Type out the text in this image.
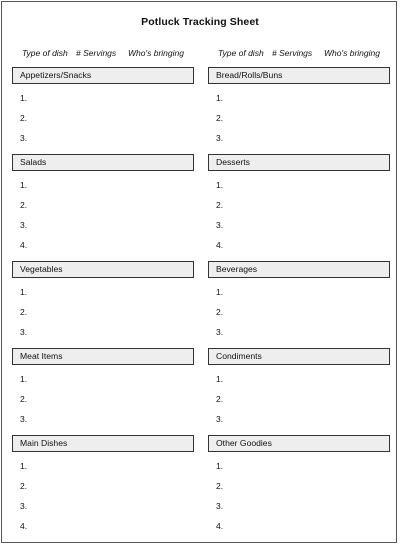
Potluck Tracking Sheet
Type of dish # Servings Who's bringing
Appetizers/Snacks
1.
2.
3.
Salads
1.
2.
3.
4.
Vegetables
1.
2.
3.
Meat Items
1.
2.
3.
Main Dishes
1.
2.
3.
4.
Type of dish # Servings Who's bringing
Bread/Rolls/Buns
1.
2.
3.
Desserts
1.
2.
3.
4.
Beverages
1.
2.
3.
Condiments
1.
2.
3.
Other Goodies
1.
2.
3.
4.
